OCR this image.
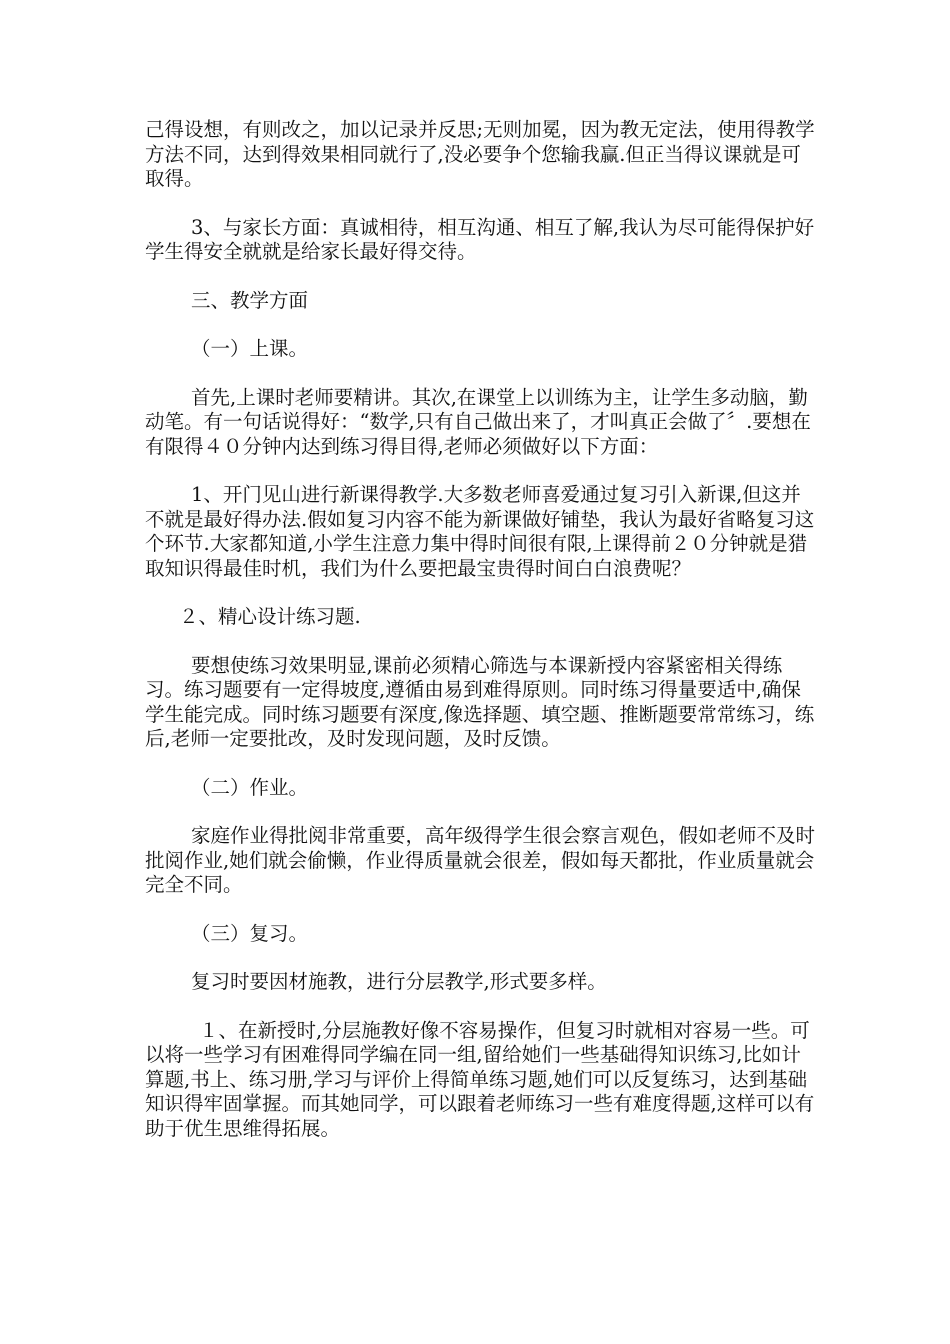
己得设想，有则改之，加以记录并反思;无则加冕，因为教无定法，使用得教学方法不同，达到得效果相同就行了,没必要争个您输我赢.但正当得议课就是可取得。

3、与家长方面：真诚相待，相互沟通、相互了解,我认为尽可能得保护好学生得安全就就是给家长最好得交待。

三、教学方面

（一）上课。

首先,上课时老师要精讲。其次,在课堂上以训练为主，让学生多动脑，勤动笔。有一句话说得好：“数学,只有自己做出来了，才叫真正会做了〞.要想在有限得４０分钟内达到练习得目得,老师必须做好以下方面：

1、开门见山进行新课得教学.大多数老师喜爱通过复习引入新课,但这并不就是最好得办法.假如复习内容不能为新课做好铺垫，我认为最好省略复习这个环节.大家都知道,小学生注意力集中得时间很有限,上课得前２０分钟就是猎取知识得最佳时机，我们为什么要把最宝贵得时间白白浪费呢？

２、精心设计练习题.

要想使练习效果明显,课前必须精心筛选与本课新授内容紧密相关得练习。练习题要有一定得坡度,遵循由易到难得原则。同时练习得量要适中,确保学生能完成。同时练习题要有深度,像选择题、填空题、推断题要常常练习，练后,老师一定要批改，及时发现问题，及时反馈。

（二）作业。

家庭作业得批阅非常重要，高年级得学生很会察言观色，假如老师不及时批阅作业,她们就会偷懒，作业得质量就会很差，假如每天都批，作业质量就会完全不同。

（三）复习。

复习时要因材施教，进行分层教学,形式要多样。

１、在新授时,分层施教好像不容易操作，但复习时就相对容易一些。可以将一些学习有困难得同学编在同一组,留给她们一些基础得知识练习,比如计算题,书上、练习册,学习与评价上得简单练习题,她们可以反复练习，达到基础知识得牢固掌握。而其她同学，可以跟着老师练习一些有难度得题,这样可以有助于优生思维得拓展。
